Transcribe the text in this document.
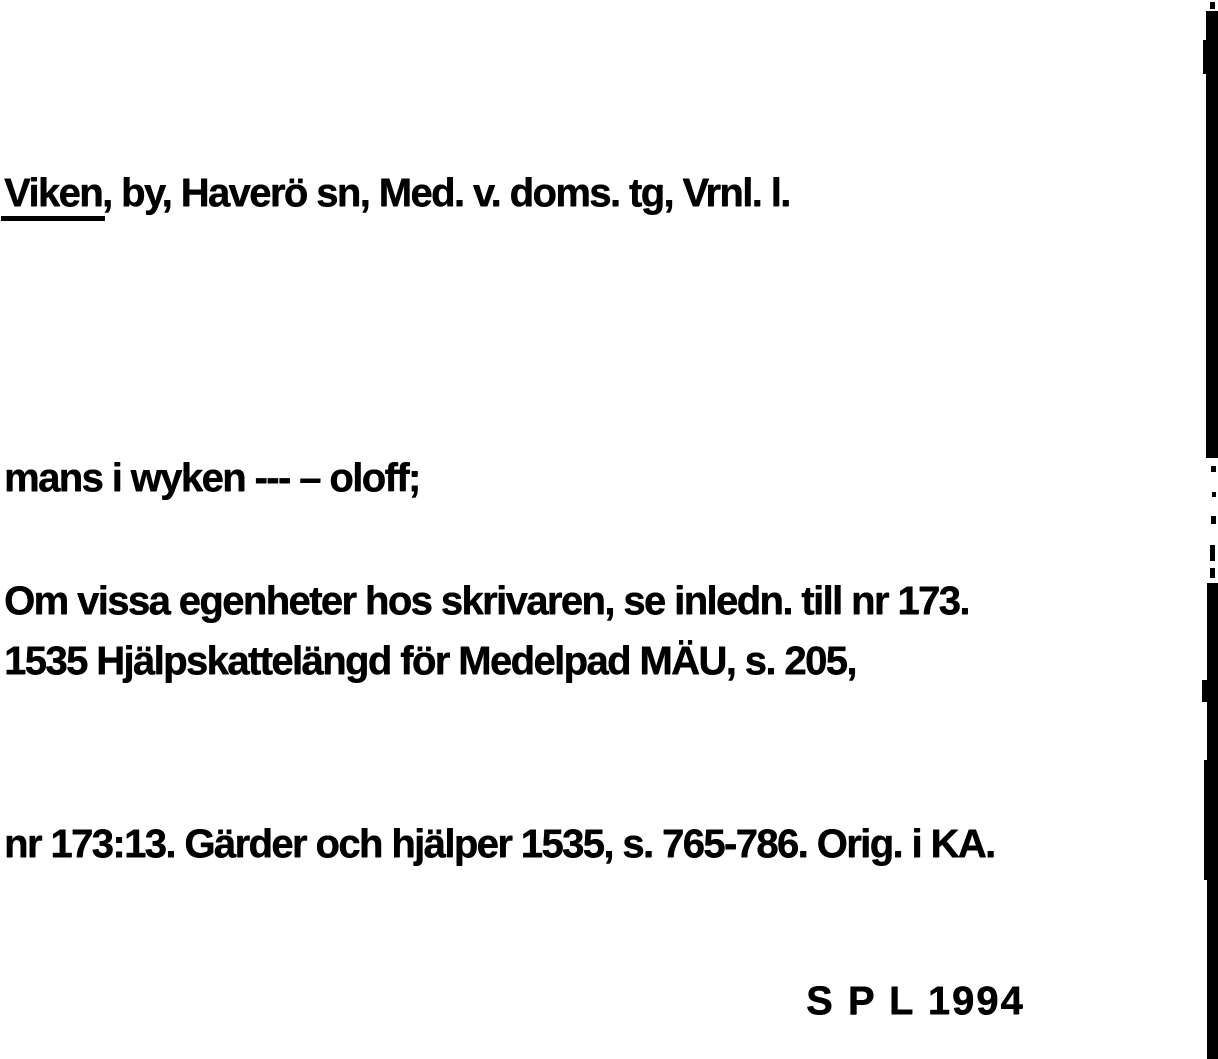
Viken, by, Haverö sn, Med. v. doms. tg, Vrnl. l.

mans i wyken --- – oloff;

1535 Hjälpskattelängd för Medelpad MÄU, s. 205,

nr 173:13. Gärder och hjälper 1535, s. 765-786. Orig. i KA.

Om vissa egenheter hos skrivaren, se inledn. till nr 173.
S P L 1994
